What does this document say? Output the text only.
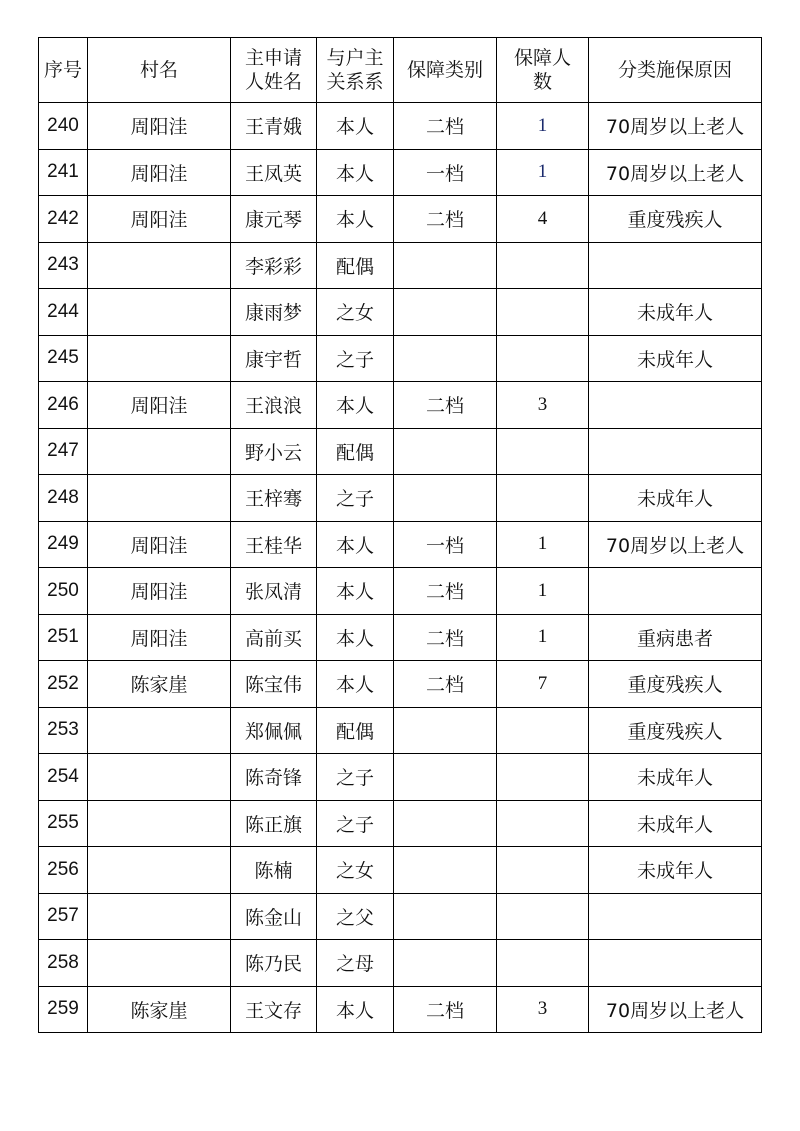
序号	村名	主申请人姓名	与户主关系系	保障类别	保障人数	分类施保原因
240	周阳洼	王青娥	本人	二档	1	70周岁以上老人
241	周阳洼	王凤英	本人	一档	1	70周岁以上老人
242	周阳洼	康元琴	本人	二档	4	重度残疾人
243		李彩彩	配偶			
244		康雨梦	之女			未成年人
245		康宇哲	之子			未成年人
246	周阳洼	王浪浪	本人	二档	3	
247		野小云	配偶			
248		王梓骞	之子			未成年人
249	周阳洼	王桂华	本人	一档	1	70周岁以上老人
250	周阳洼	张凤清	本人	二档	1	
251	周阳洼	高前买	本人	二档	1	重病患者
252	陈家崖	陈宝伟	本人	二档	7	重度残疾人
253		郑佩佩	配偶			重度残疾人
254		陈奇锋	之子			未成年人
255		陈正旗	之子			未成年人
256		陈楠	之女			未成年人
257		陈金山	之父			
258		陈乃民	之母			
259	陈家崖	王文存	本人	二档	3	70周岁以上老人
